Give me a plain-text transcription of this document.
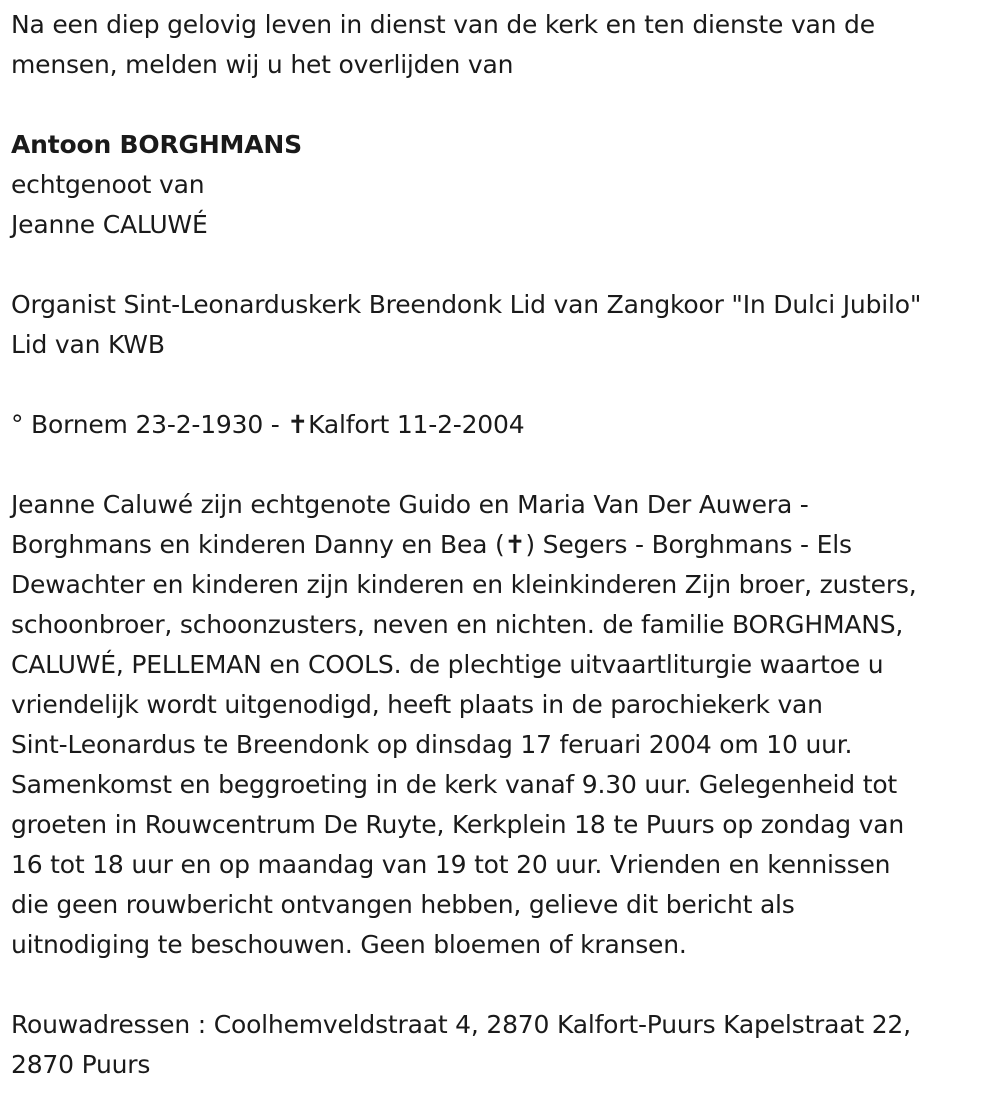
Na een diep gelovig leven in dienst van de kerk en ten dienste van de
mensen, melden wij u het overlijden van
Antoon BORGHMANS
echtgenoot van
Jeanne CALUWÉ
Organist Sint-Leonarduskerk Breendonk Lid van Zangkoor "In Dulci Jubilo"
Lid van KWB
° Bornem 23-2-1930 - ✝Kalfort 11-2-2004
Jeanne Caluwé zijn echtgenote Guido en Maria Van Der Auwera -
Borghmans en kinderen Danny en Bea (✝) Segers - Borghmans - Els
Dewachter en kinderen zijn kinderen en kleinkinderen Zijn broer, zusters,
schoonbroer, schoonzusters, neven en nichten. de familie BORGHMANS,
CALUWÉ, PELLEMAN en COOLS. de plechtige uitvaartliturgie waartoe u
vriendelijk wordt uitgenodigd, heeft plaats in de parochiekerk van
Sint-Leonardus te Breendonk op dinsdag 17 feruari 2004 om 10 uur.
Samenkomst en beggroeting in de kerk vanaf 9.30 uur. Gelegenheid tot
groeten in Rouwcentrum De Ruyte, Kerkplein 18 te Puurs op zondag van
16 tot 18 uur en op maandag van 19 tot 20 uur. Vrienden en kennissen
die geen rouwbericht ontvangen hebben, gelieve dit bericht als
uitnodiging te beschouwen. Geen bloemen of kransen.
Rouwadressen : Coolhemveldstraat 4, 2870 Kalfort-Puurs Kapelstraat 22,
2870 Puurs
